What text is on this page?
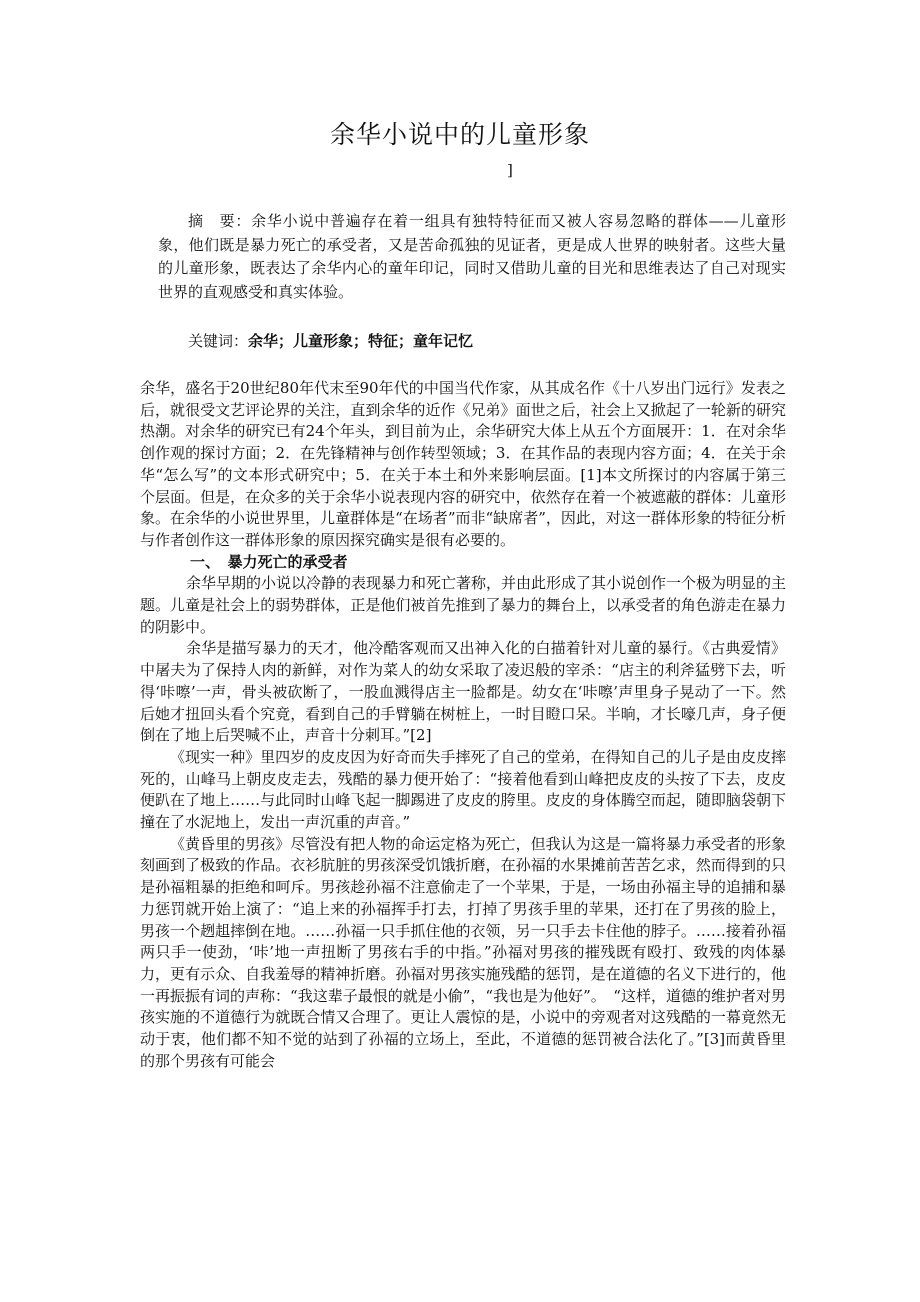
余华小说中的儿童形象
]

摘　要：余华小说中普遍存在着一组具有独特特征而又被人容易忽略的群体——儿童形象，他们既是暴力死亡的承受者，又是苦命孤独的见证者，更是成人世界的映射者。这些大量的儿童形象，既表达了余华内心的童年印记，同时又借助儿童的目光和思维表达了自己对现实世界的直观感受和真实体验。

关键词：余华；儿童形象；特征；童年记忆

余华，盛名于20世纪80年代末至90年代的中国当代作家，从其成名作《十八岁出门远行》发表之后，就很受文艺评论界的关注，直到余华的近作《兄弟》面世之后，社会上又掀起了一轮新的研究热潮。对余华的研究已有24个年头，到目前为止，余华研究大体上从五个方面展开：1．在对余华创作观的探讨方面；2．在先锋精神与创作转型领域；3．在其作品的表现内容方面；4．在关于余华“怎么写”的文本形式研究中；5．在关于本土和外来影响层面。[1]本文所探讨的内容属于第三个层面。但是，在众多的关于余华小说表现内容的研究中，依然存在着一个被遮蔽的群体：儿童形象。在余华的小说世界里，儿童群体是“在场者”而非“缺席者”，因此，对这一群体形象的特征分析与作者创作这一群体形象的原因探究确实是很有必要的。

一、　暴力死亡的承受者

余华早期的小说以冷静的表现暴力和死亡著称，并由此形成了其小说创作一个极为明显的主题。儿童是社会上的弱势群体，正是他们被首先推到了暴力的舞台上，以承受者的角色游走在暴力的阴影中。

余华是描写暴力的天才，他冷酷客观而又出神入化的白描着针对儿童的暴行。《古典爱情》中屠夫为了保持人肉的新鲜，对作为菜人的幼女采取了凌迟般的宰杀：“店主的利斧猛劈下去，听得‘咔嚓’一声，骨头被砍断了，一股血溅得店主一脸都是。幼女在‘咔嚓’声里身子晃动了一下。然后她才扭回头看个究竟，看到自己的手臂躺在树桩上，一时目瞪口呆。半晌，才长嚎几声，身子便倒在了地上后哭喊不止，声音十分刺耳。”[2]

《现实一种》里四岁的皮皮因为好奇而失手摔死了自己的堂弟，在得知自己的儿子是由皮皮摔死的，山峰马上朝皮皮走去，残酷的暴力便开始了：“接着他看到山峰把皮皮的头按了下去，皮皮便趴在了地上……与此同时山峰飞起一脚踢进了皮皮的胯里。皮皮的身体腾空而起，随即脑袋朝下撞在了水泥地上，发出一声沉重的声音。”

《黄昏里的男孩》尽管没有把人物的命运定格为死亡，但我认为这是一篇将暴力承受者的形象刻画到了极致的作品。衣衫肮脏的男孩深受饥饿折磨，在孙福的水果摊前苦苦乞求，然而得到的只是孙福粗暴的拒绝和呵斥。男孩趁孙福不注意偷走了一个苹果，于是，一场由孙福主导的追捕和暴力惩罚就开始上演了：“追上来的孙福挥手打去，打掉了男孩手里的苹果，还打在了男孩的脸上，男孩一个趔趄摔倒在地。……孙福一只手抓住他的衣领，另一只手去卡住他的脖子。……接着孙福两只手一使劲，‘咔’地一声扭断了男孩右手的中指。”孙福对男孩的摧残既有殴打、致残的肉体暴力，更有示众、自我羞辱的精神折磨。孙福对男孩实施残酷的惩罚，是在道德的名义下进行的，他一再振振有词的声称：“我这辈子最恨的就是小偷”，“我也是为他好”。　“这样，道德的维护者对男孩实施的不道德行为就既合情又合理了。更让人震惊的是，小说中的旁观者对这残酷的一幕竟然无动于衷，他们都不知不觉的站到了孙福的立场上，至此，不道德的惩罚被合法化了。”[3]而黄昏里的那个男孩有可能会
